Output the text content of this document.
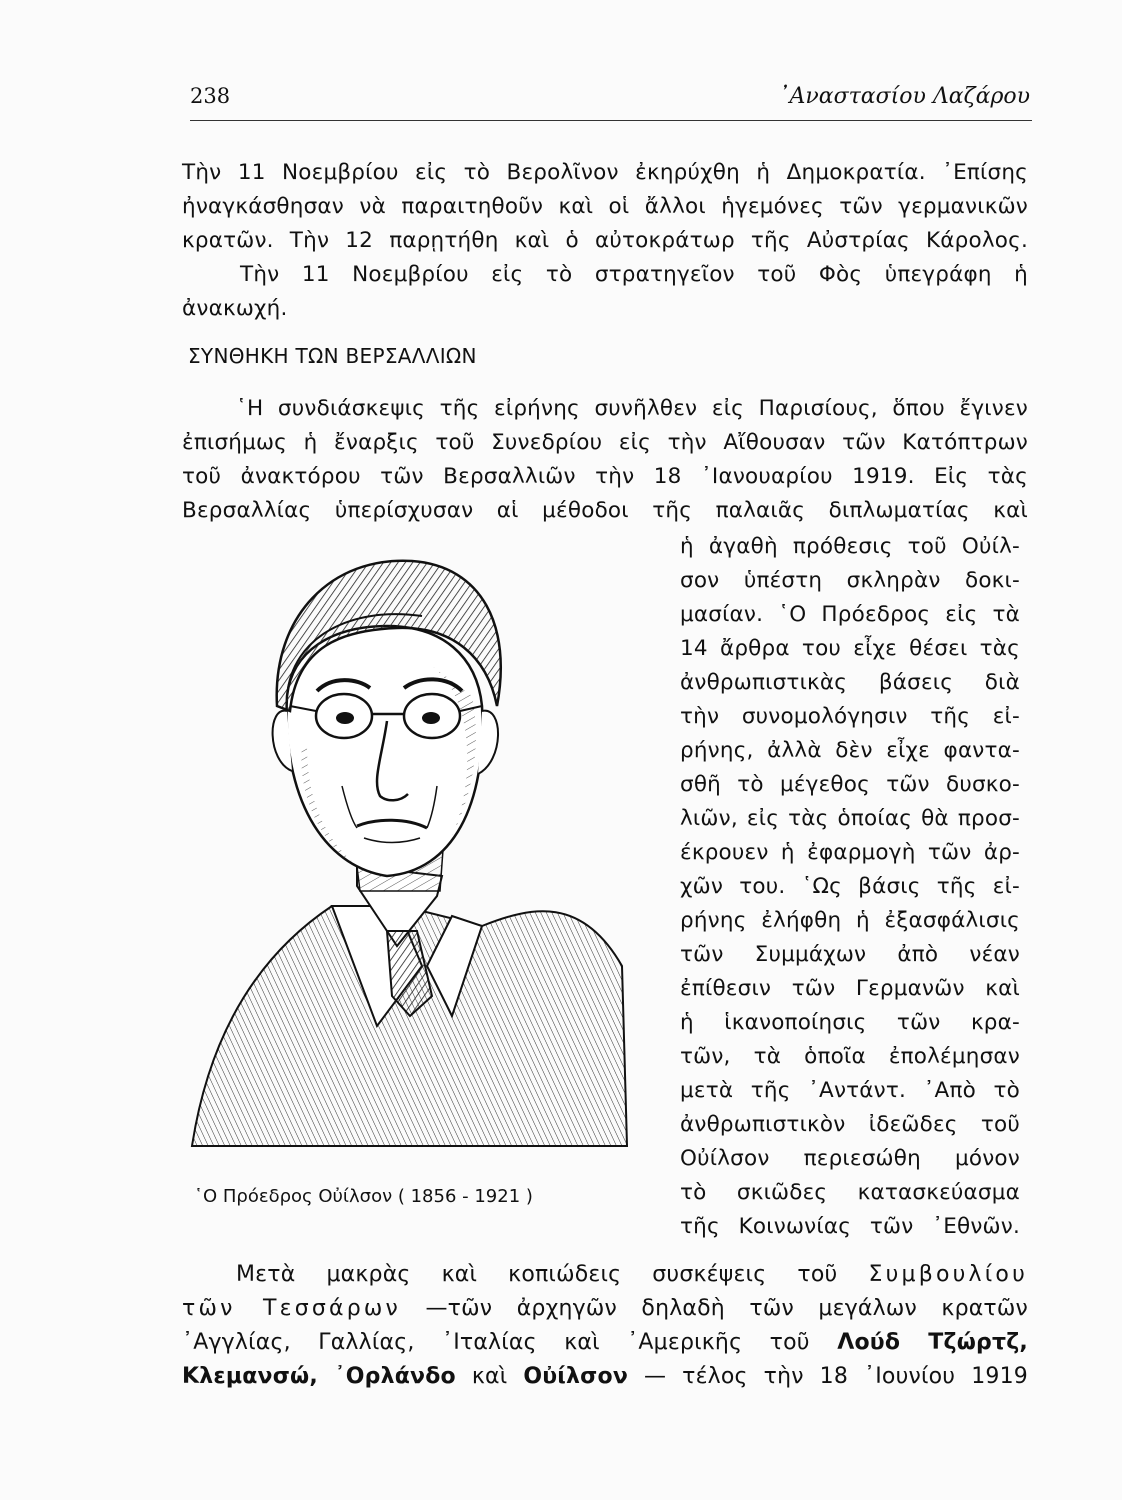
238	᾿Αναστασίου Λαζάρου
Τὴν 11 Νοεμβρίου εἰς τὸ Βερολῖνον ἐκηρύχθη ἡ Δημοκρατία. ᾿Επίσης
ἠναγκάσθησαν νὰ παραιτηθοῦν καὶ οἱ ἄλλοι ἡγεμόνες τῶν γερμανικῶν
κρατῶν. Τὴν 12 παρῃτήθη καὶ ὁ αὐτοκράτωρ τῆς Αὐστρίας Κάρολος.
Τὴν 11 Νοεμβρίου εἰς τὸ στρατηγεῖον τοῦ Φὸς ὑπεγράφη ἡ
ἀνακωχή.
ΣΥΝΘΗΚΗ ΤΩΝ ΒΕΡΣΑΛΛΙΩΝ
῾Η συνδιάσκεψις τῆς εἰρήνης συνῆλθεν εἰς Παρισίους, ὅπου ἔγινεν
ἐπισήμως ἡ ἔναρξις τοῦ Συνεδρίου εἰς τὴν Αἴθουσαν τῶν Κατόπτρων
τοῦ ἀνακτόρου τῶν Βερσαλλιῶν τὴν 18 ᾿Ιανουαρίου 1919. Εἰς τὰς
Βερσαλλίας ὑπερίσχυσαν αἱ μέθοδοι τῆς παλαιᾶς διπλωματίας καὶ
ἡ ἀγαθὴ πρόθεσις τοῦ Οὐίλ-
σον ὑπέστη σκληρὰν δοκι-
μασίαν. ῾Ο Πρόεδρος εἰς τὰ
14 ἄρθρα του εἶχε θέσει τὰς
ἀνθρωπιστικὰς βάσεις διὰ
τὴν συνομολόγησιν τῆς εἰ-
ρήνης, ἀλλὰ δὲν εἶχε φαντα-
σθῆ τὸ μέγεθος τῶν δυσκο-
λιῶν, εἰς τὰς ὁποίας θὰ προσ-
έκρουεν ἡ ἐφαρμογὴ τῶν ἀρ-
χῶν του. ῾Ως βάσις τῆς εἰ-
ρήνης ἐλήφθη ἡ ἐξασφάλισις
τῶν Συμμάχων ἀπὸ νέαν
ἐπίθεσιν τῶν Γερμανῶν καὶ
ἡ ἱκανοποίησις τῶν κρα-
τῶν, τὰ ὁποῖα ἐπολέμησαν
μετὰ τῆς ᾿Αντάντ. ᾿Απὸ τὸ
ἀνθρωπιστικὸν ἰδεῶδες τοῦ
Οὐίλσον περιεσώθη μόνον
τὸ σκιῶδες κατασκεύασμα
τῆς Κοινωνίας τῶν ᾿Εθνῶν.
῾Ο Πρόεδρος Οὐίλσον ( 1856 - 1921 )
Μετὰ μακρὰς καὶ κοπιώδεις συσκέψεις τοῦ Συμβουλίου
τῶν Τεσσάρων —τῶν ἀρχηγῶν δηλαδὴ τῶν μεγάλων κρατῶν
᾿Αγγλίας, Γαλλίας, ᾿Ιταλίας καὶ ᾿Αμερικῆς τοῦ Λούδ Τζώρτζ,
Κλεμανσώ, ᾿Ορλάνδο καὶ Οὐίλσον — τέλος τὴν 18 ᾿Ιουνίου 1919
